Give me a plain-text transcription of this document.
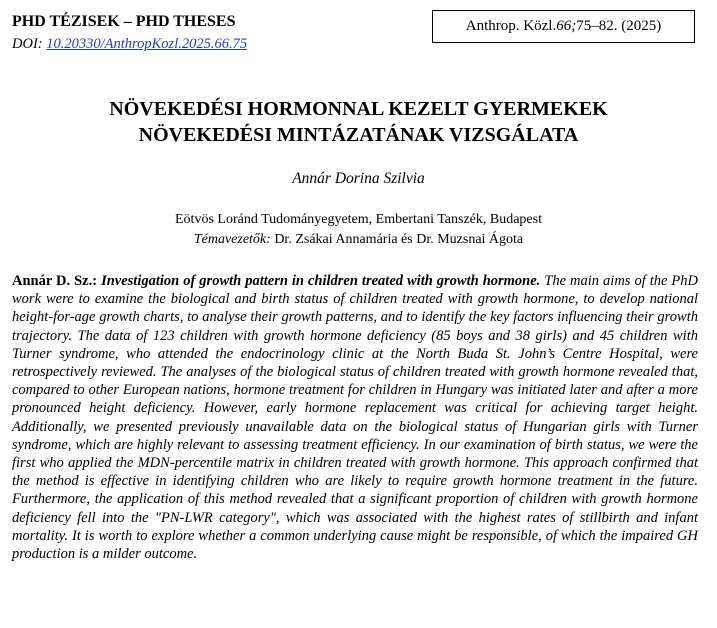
PHD TÉZISEK – PHD THESES
DOI: 10.20330/AnthropKozl.2025.66.75
Anthrop. Közl. 66; 75–82. (2025)
NÖVEKEDÉSI HORMONNAL KEZELT GYERMEKEK
NÖVEKEDÉSI MINTÁZATÁNAK VIZSGÁLATA
Annár Dorina Szilvia
Eötvös Loránd Tudományegyetem, Embertani Tanszék, Budapest
Témavezetők: Dr. Zsákai Annamária és Dr. Muzsnai Ágota
Annár D. Sz.: Investigation of growth pattern in children treated with growth hormone. The main aims of the PhD work were to examine the biological and birth status of children treated with growth hormone, to develop national height-for-age growth charts, to analyse their growth patterns, and to identify the key factors influencing their growth trajectory. The data of 123 children with growth hormone deficiency (85 boys and 38 girls) and 45 children with Turner syndrome, who attended the endocrinology clinic at the North Buda St. John’s Centre Hospital, were retrospectively reviewed. The analyses of the biological status of children treated with growth hormone revealed that, compared to other European nations, hormone treatment for children in Hungary was initiated later and after a more pronounced height deficiency. However, early hormone replacement was critical for achieving target height. Additionally, we presented previously unavailable data on the biological status of Hungarian girls with Turner syndrome, which are highly relevant to assessing treatment efficiency. In our examination of birth status, we were the first who applied the MDN-percentile matrix in children treated with growth hormone. This approach confirmed that the method is effective in identifying children who are likely to require growth hormone treatment in the future. Furthermore, the application of this method revealed that a significant proportion of children with growth hormone deficiency fell into the "PN-LWR category", which was associated with the highest rates of stillbirth and infant mortality. It is worth to explore whether a common underlying cause might be responsible, of which the impaired GH production is a milder outcome.
